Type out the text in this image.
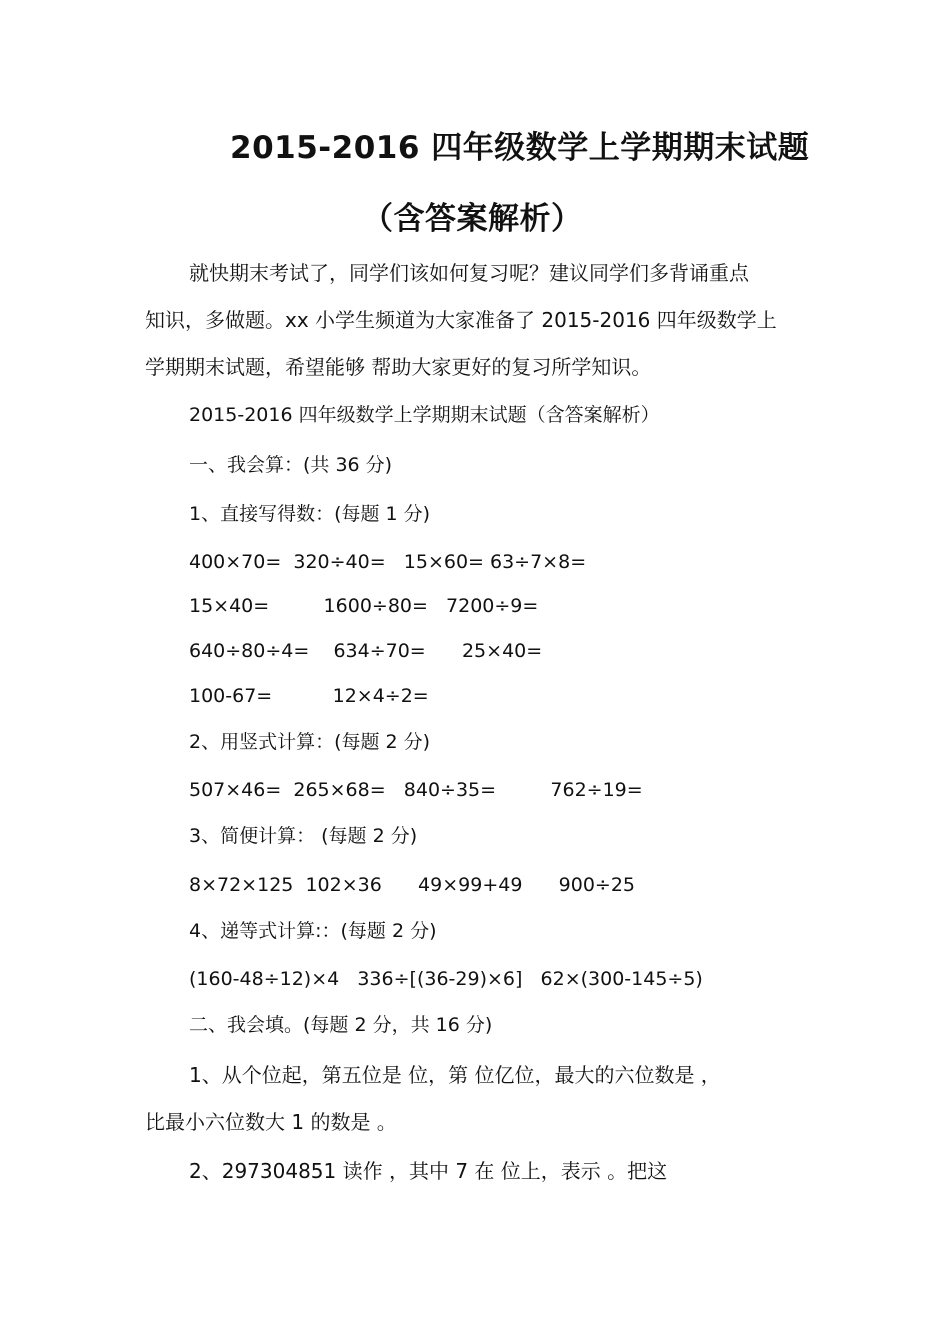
2015-2016 四年级数学上学期期末试题
（含答案解析）
就快期末考试了，同学们该如何复习呢？建议同学们多背诵重点
知识，多做题。xx 小学生频道为大家准备了 2015-2016 四年级数学上
学期期末试题，希望能够 帮助大家更好的复习所学知识。
2015-2016 四年级数学上学期期末试题（含答案解析）
一、我会算：(共 36 分)
1、直接写得数：(每题 1 分)
400×70=  320÷40=   15×60= 63÷7×8=
15×40=         1600÷80=   7200÷9=
640÷80÷4=    634÷70=      25×40=
100-67=          12×4÷2=
2、用竖式计算：(每题 2 分)
507×46=  265×68=   840÷35=         762÷19=
3、简便计算： (每题 2 分)
8×72×125  102×36      49×99+49      900÷25
4、递等式计算:：(每题 2 分)
(160-48÷12)×4   336÷[(36-29)×6]   62×(300-145÷5)
二、我会填。(每题 2 分，共 16 分)
1、从个位起，第五位是 位，第 位亿位，最大的六位数是 ，
比最小六位数大 1 的数是 。
2、297304851 读作 ，其中 7 在 位上，表示 。把这
